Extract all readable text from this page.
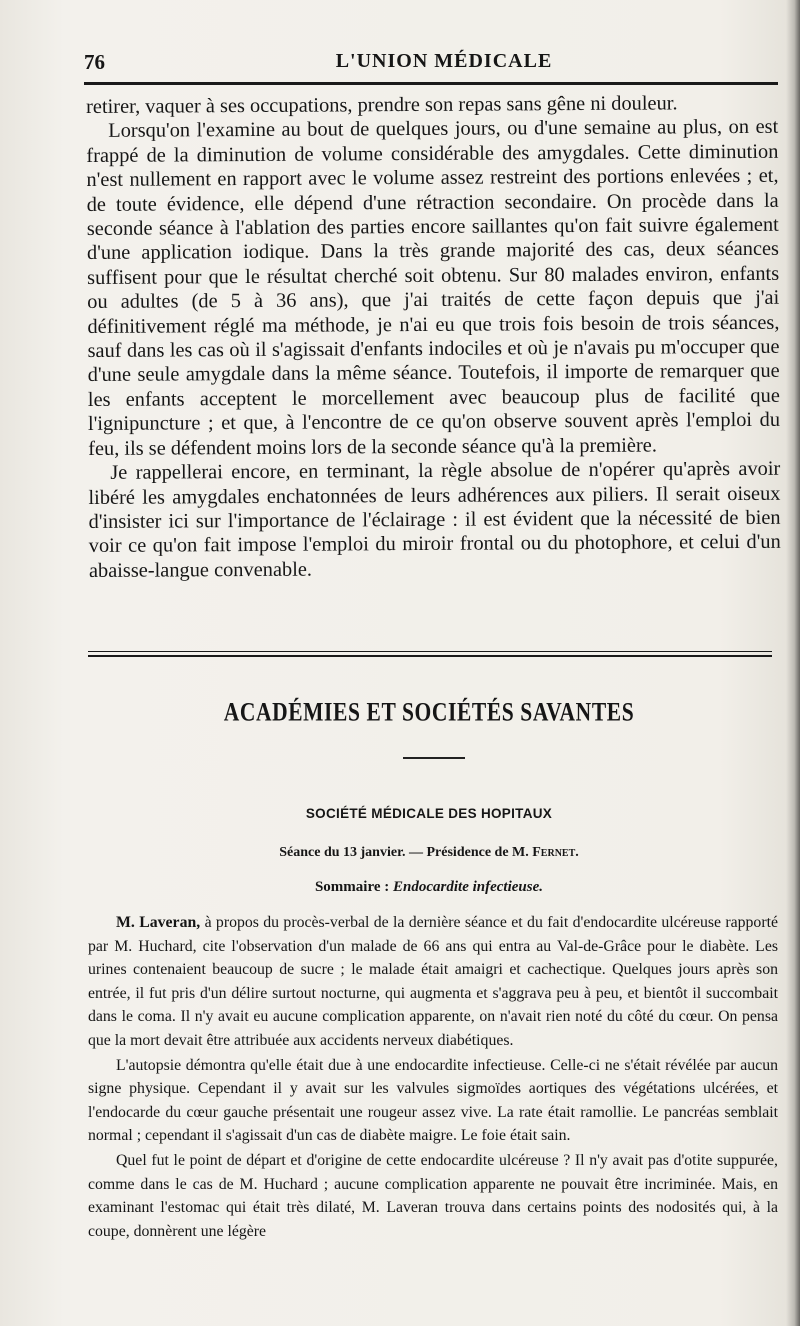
76	L'UNION MÉDICALE

retirer, vaquer à ses occupations, prendre son repas sans gêne ni douleur.

Lorsqu'on l'examine au bout de quelques jours, ou d'une semaine au plus, on est frappé de la diminution de volume considérable des amygdales. Cette diminution n'est nullement en rapport avec le volume assez restreint des portions enlevées ; et, de toute évidence, elle dépend d'une rétraction secondaire. On procède dans la seconde séance à l'ablation des parties encore saillantes qu'on fait suivre également d'une application iodique. Dans la très grande majorité des cas, deux séances suffisent pour que le résultat cherché soit obtenu. Sur 80 malades environ, enfants ou adultes (de 5 à 36 ans), que j'ai traités de cette façon depuis que j'ai définitivement réglé ma méthode, je n'ai eu que trois fois besoin de trois séances, sauf dans les cas où il s'agissait d'enfants indociles et où je n'avais pu m'occuper que d'une seule amygdale dans la même séance. Toutefois, il importe de remarquer que les enfants acceptent le morcellement avec beaucoup plus de facilité que l'ignipuncture ; et que, à l'encontre de ce qu'on observe souvent après l'emploi du feu, ils se défendent moins lors de la seconde séance qu'à la première.

Je rappellerai encore, en terminant, la règle absolue de n'opérer qu'après avoir libéré les amygdales enchatonnées de leurs adhérences aux piliers. Il serait oiseux d'insister ici sur l'importance de l'éclairage : il est évident que la nécessité de bien voir ce qu'on fait impose l'emploi du miroir frontal ou du photophore, et celui d'un abaisse-langue convenable.

ACADÉMIES ET SOCIÉTÉS SAVANTES
SOCIÉTÉ MÉDICALE DES HOPITAUX
Séance du 13 janvier. — Présidence de M. Fernet.
Sommaire : Endocardite infectieuse.

M. Laveran, à propos du procès-verbal de la dernière séance et du fait d'endocardite ulcéreuse rapporté par M. Huchard, cite l'observation d'un malade de 66 ans qui entra au Val-de-Grâce pour le diabète. Les urines contenaient beaucoup de sucre ; le malade était amaigri et cachectique. Quelques jours après son entrée, il fut pris d'un délire surtout nocturne, qui augmenta et s'aggrava peu à peu, et bientôt il succombait dans le coma. Il n'y avait eu aucune complication apparente, on n'avait rien noté du côté du cœur. On pensa que la mort devait être attribuée aux accidents nerveux diabétiques.

L'autopsie démontra qu'elle était due à une endocardite infectieuse. Celle-ci ne s'était révélée par aucun signe physique. Cependant il y avait sur les valvules sigmoïdes aortiques des végétations ulcérées, et l'endocarde du cœur gauche présentait une rougeur assez vive. La rate était ramollie. Le pancréas semblait normal ; cependant il s'agissait d'un cas de diabète maigre. Le foie était sain.

Quel fut le point de départ et d'origine de cette endocardite ulcéreuse ? Il n'y avait pas d'otite suppurée, comme dans le cas de M. Huchard ; aucune complication apparente ne pouvait être incriminée. Mais, en examinant l'estomac qui était très dilaté, M. Laveran trouva dans certains points des nodosités qui, à la coupe, donnèrent une légère
